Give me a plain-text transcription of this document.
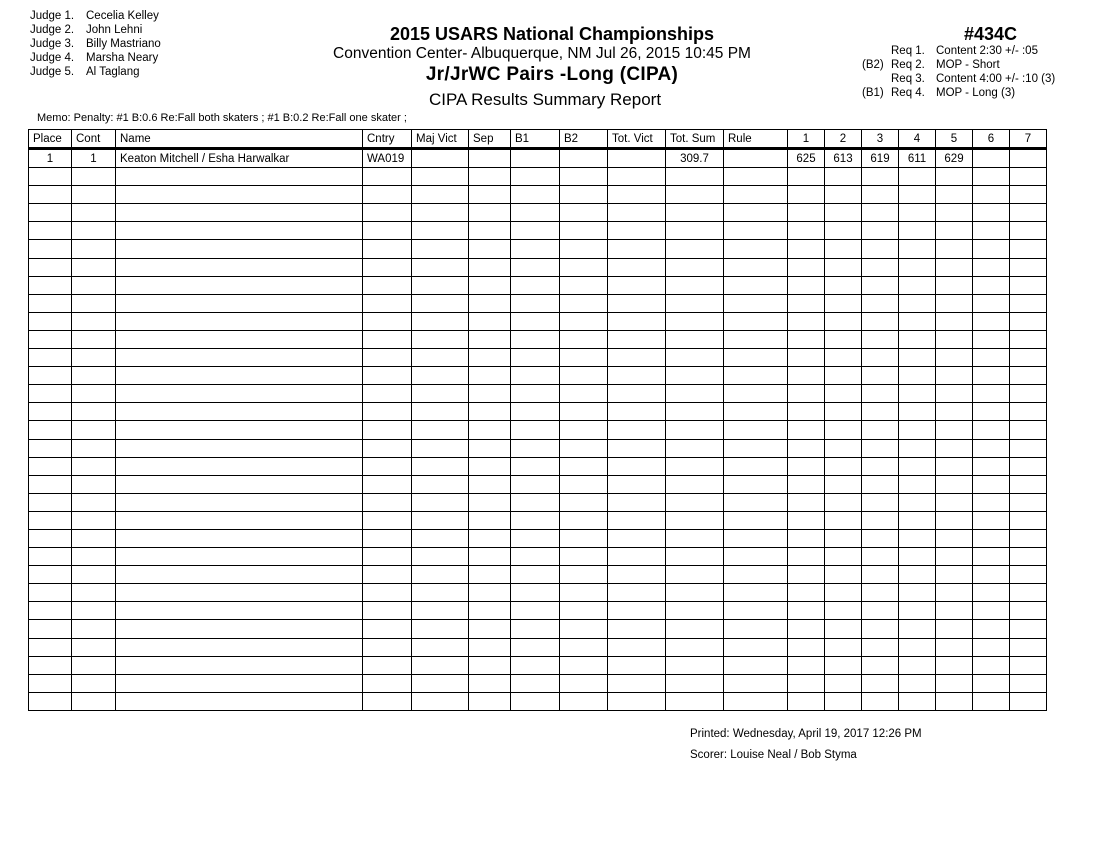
Judge 1.	Cecelia Kelley
Judge 2.	John Lehni
Judge 3.	Billy Mastriano
Judge 4.	Marsha Neary
Judge 5.	Al Taglang
2015 USARS National Championships
Convention Center- Albuquerque, NM Jul 26, 2015 10:45 PM
Jr/JrWC Pairs -Long (CIPA)
CIPA Results Summary Report
#434C
Req 1. Content 2:30 +/- :05
(B2) Req 2. MOP - Short
Req 3. Content 4:00 +/- :10 (3)
(B1) Req 4. MOP - Long (3)
Memo: Penalty: #1 B:0.6 Re:Fall both skaters ; #1 B:0.2 Re:Fall one skater ;
Place	Cont	Name	Cntry	Maj Vict	Sep	B1	B2	Tot. Vict	Tot. Sum	Rule	1	2	3	4	5	6	7
1	1	Keaton Mitchell / Esha Harwalkar	WA019						309.7		625	613	619	611	629		

Printed: Wednesday, April 19, 2017 12:26 PM
Scorer: Louise Neal / Bob Styma
